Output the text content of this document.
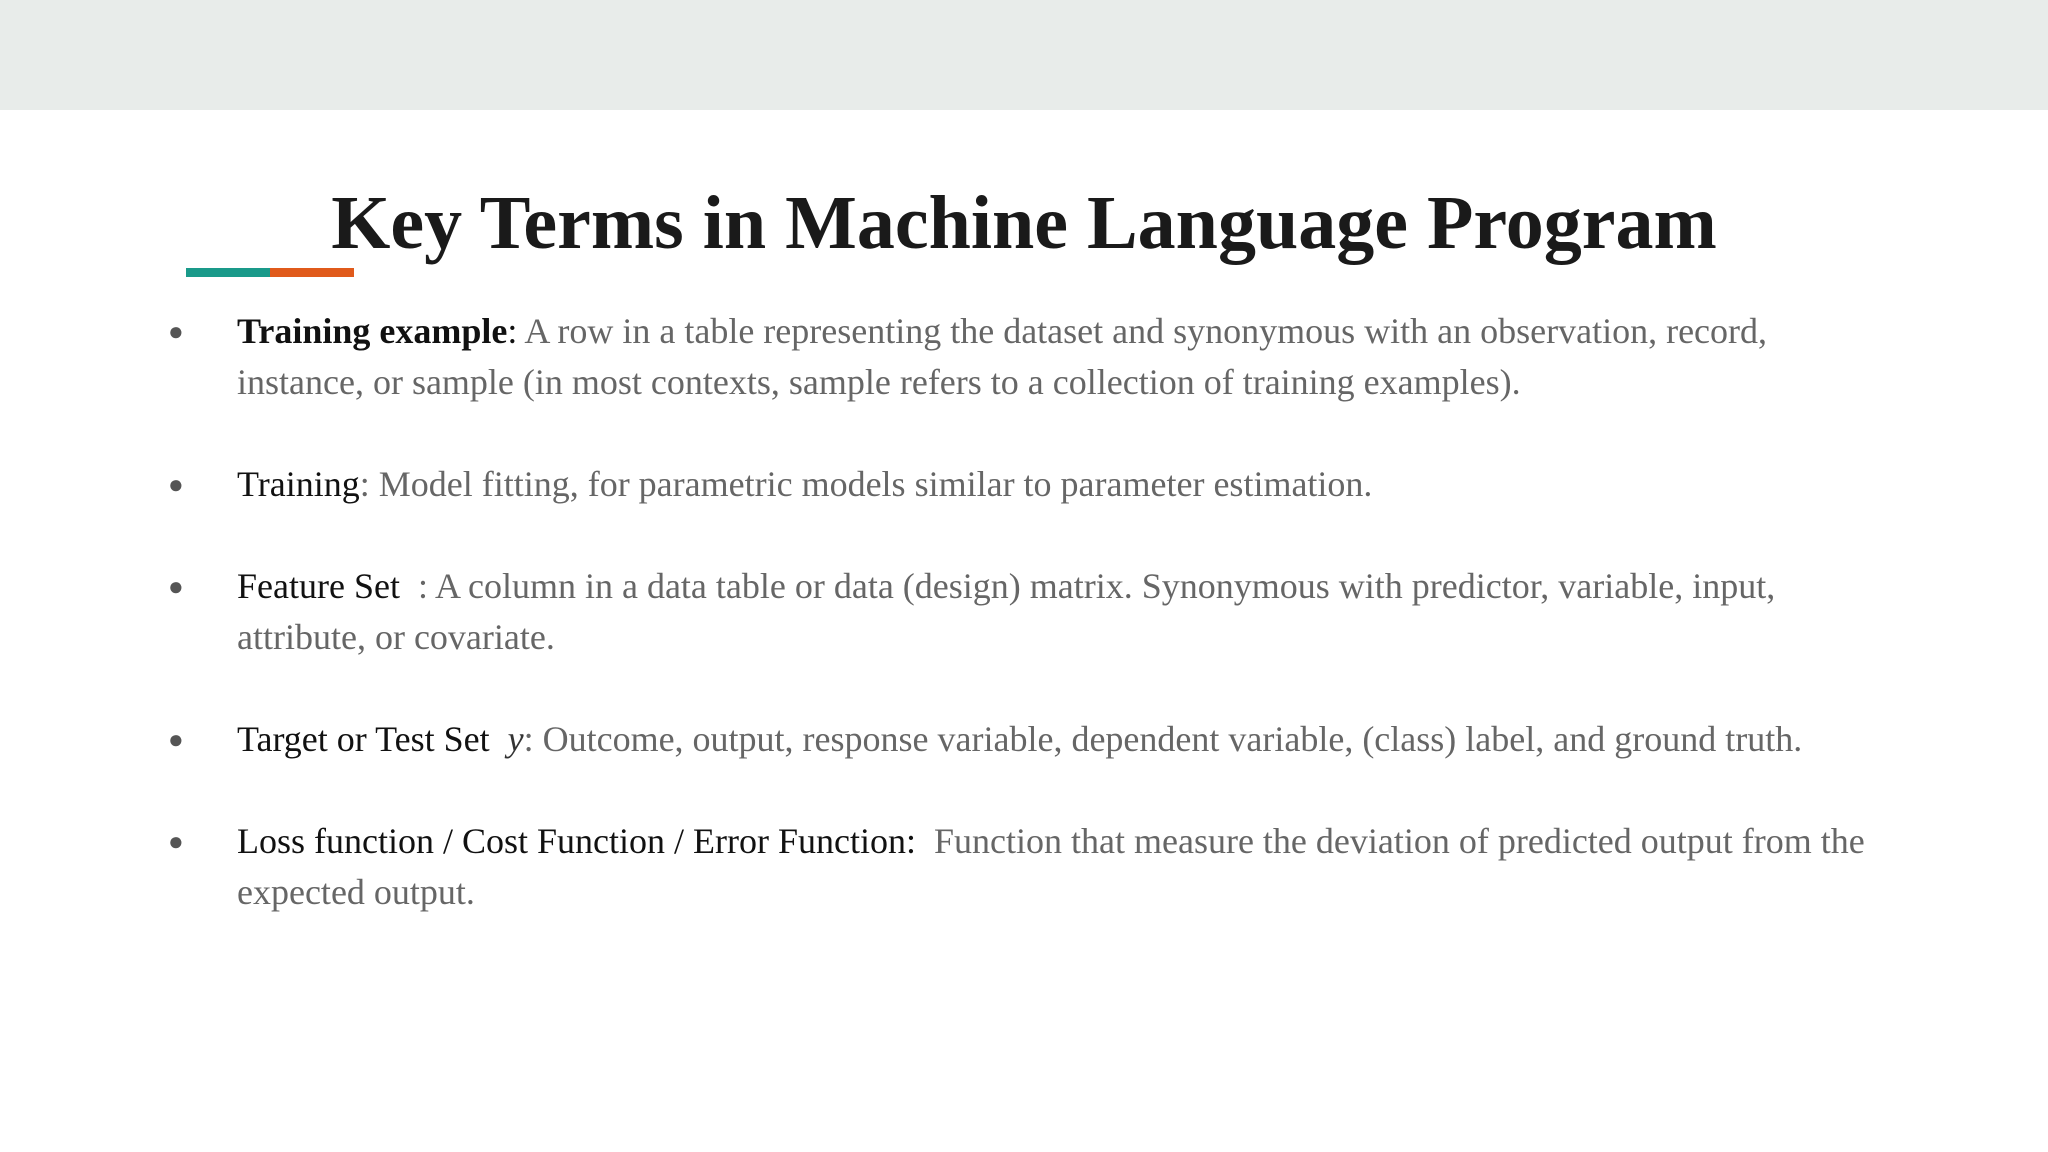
Key Terms in Machine Language Program
● Training example: A row in a table representing the dataset and synonymous with an observation, record, instance, or sample (in most contexts, sample refers to a collection of training examples).
● Training: Model fitting, for parametric models similar to parameter estimation.
● Feature Set  : A column in a data table or data (design) matrix. Synonymous with predictor, variable, input, attribute, or covariate.
● Target or Test Set y: Outcome, output, response variable, dependent variable, (class) label, and ground truth.
● Loss function / Cost Function / Error Function:  Function that measure the deviation of predicted output from the expected output.
